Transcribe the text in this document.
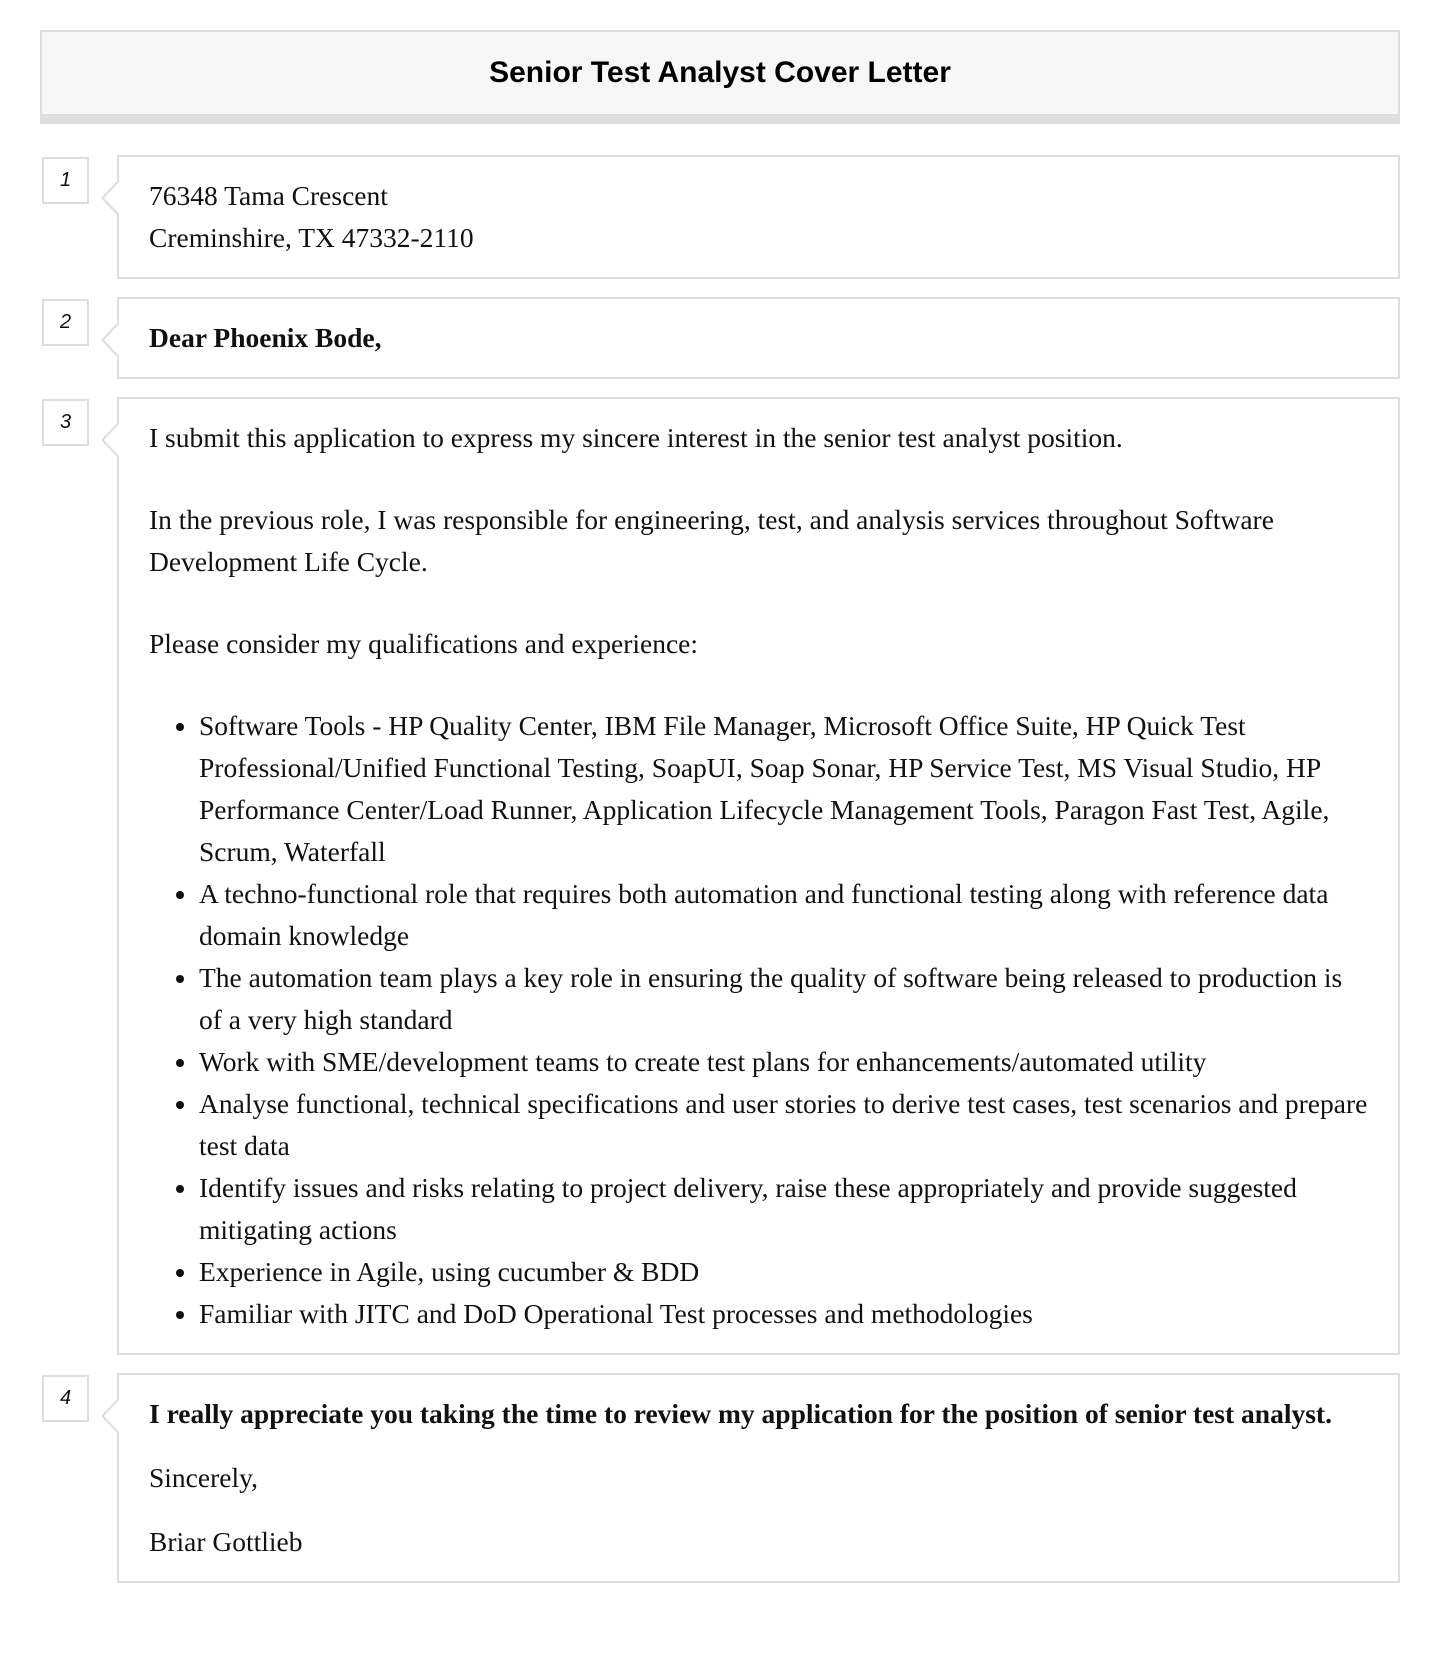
Senior Test Analyst Cover Letter
1	76348 Tama Crescent

Creminshire, TX 47332-2110

2	Dear Phoenix Bode,

3	I submit this application to express my sincere interest in the senior test analyst position.

In the previous role, I was responsible for engineering, test, and analysis services throughout Software Development Life Cycle.

Please consider my qualifications and experience:

• Software Tools - HP Quality Center, IBM File Manager, Microsoft Office Suite, HP Quick Test Professional/Unified Functional Testing, SoapUI, Soap Sonar, HP Service Test, MS Visual Studio, HP Performance Center/Load Runner, Application Lifecycle Management Tools, Paragon Fast Test, Agile, Scrum, Waterfall
• A techno-functional role that requires both automation and functional testing along with reference data domain knowledge
• The automation team plays a key role in ensuring the quality of software being released to production is of a very high standard
• Work with SME/development teams to create test plans for enhancements/automated utility
• Analyse functional, technical specifications and user stories to derive test cases, test scenarios and prepare test data
• Identify issues and risks relating to project delivery, raise these appropriately and provide suggested mitigating actions
• Experience in Agile, using cucumber & BDD
• Familiar with JITC and DoD Operational Test processes and methodologies
4	I really appreciate you taking the time to review my application for the position of senior test analyst.

Sincerely,

Briar Gottlieb
